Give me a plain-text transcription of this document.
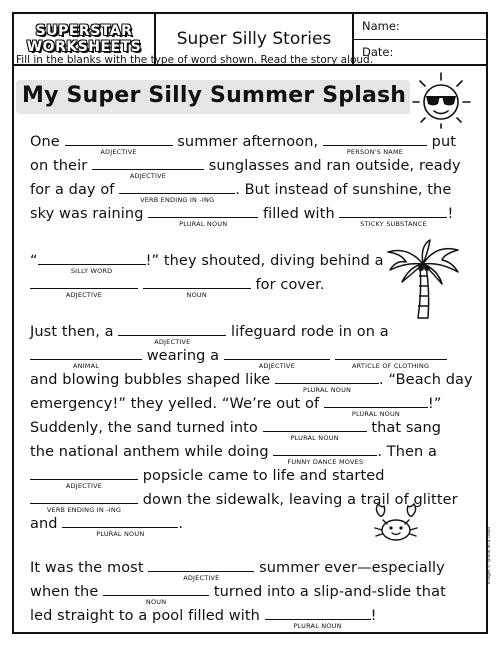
SUPERSTAR
WORKSHEETS	Super Silly Stories
Name:
Date:
Fill in the blanks with the type of word shown. Read the story aloud.
My Super Silly Summer Splash
One
ADJECTIVE
summer afternoon,
PERSON'S NAME
put
on their
ADJECTIVE
sunglasses and ran outside, ready
for a day of
VERB ENDING IN -ING
. But instead of sunshine, the
sky was raining
PLURAL NOUN
filled with
STICKY SUBSTANCE
!
“
SILLY WORD
!” they shouted, diving behind a
ADJECTIVE
	NOUN
for cover.
Just then, a
ADJECTIVE
lifeguard rode in on a
ANIMAL
wearing a
ADJECTIVE
	ARTICLE OF CLOTHING
and blowing bubbles shaped like
PLURAL NOUN
. “Beach day
emergency!” they yelled. “We’re out of
PLURAL NOUN
!”
Suddenly, the sand turned into
PLURAL NOUN
that sang
the national anthem while doing
FUNNY DANCE MOVES
. Then a
ADJECTIVE
popsicle came to life and started
VERB ENDING IN -ING
down the sidewalk, leaving a trail of glitter
and
PLURAL NOUN
.
It was the most
ADJECTIVE
summer ever—especially
when the
NOUN
turned into a slip-and-slide that
led straight to a pool filled with
PLURAL NOUN
!
Images © Tyrone on a Cloud
